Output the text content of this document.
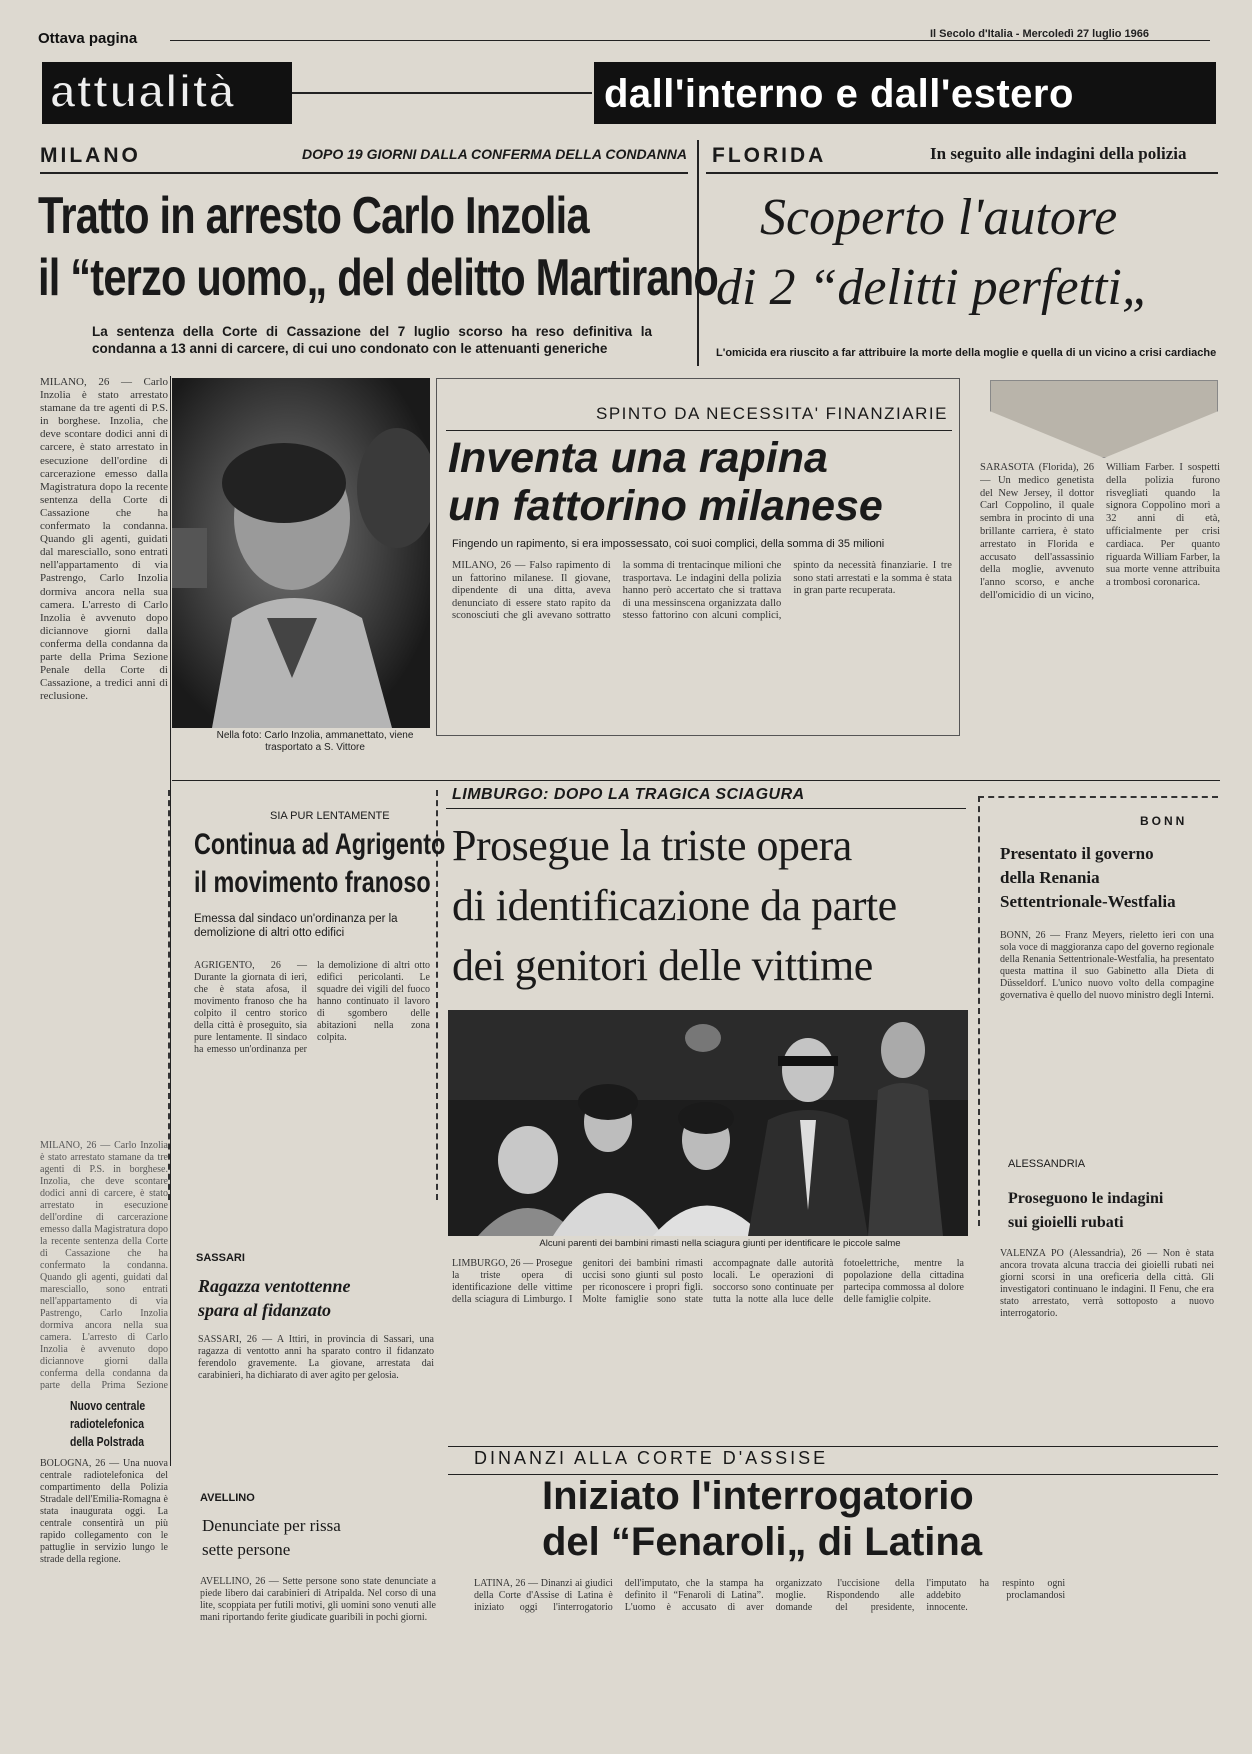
Ottava pagina	Il Secolo d'Italia - Mercoledì 27 luglio 1966
attualità	dall'interno e dall'estero
MILANO	DOPO 19 GIORNI DALLA CONFERMA DELLA CONDANNA
Tratto in arresto Carlo Inzolia
il “terzo uomo„ del delitto Martirano
La sentenza della Corte di Cassazione del 7 luglio scorso ha reso definitiva la condanna a 13 anni di carcere, di cui uno condonato con le attenuanti generiche
FLORIDA	In seguito alle indagini della polizia
Scoperto l'autore
di 2 “delitti perfetti„
L'omicida era riuscito a far attribuire la morte della moglie e quella di un vicino a crisi cardiache
MILANO, 26 — Carlo Inzolia è stato arrestato stamane da tre agenti di P.S. in borghese. Inzolia, che deve scontare dodici anni di carcere, è stato arrestato in esecuzione dell'ordine di carcerazione emesso dalla Magistratura dopo la recente sentenza della Corte di Cassazione che ha confermato la condanna. Quando gli agenti, guidati dal maresciallo, sono entrati nell'appartamento di via Pastrengo, Carlo Inzolia dormiva ancora nella sua camera. L'arresto di Carlo Inzolia è avvenuto dopo diciannove giorni dalla conferma della condanna da parte della Prima Sezione Penale della Corte di Cassazione, a tredici anni di reclusione.
Nella foto: Carlo Inzolia, ammanettato, viene trasportato a S. Vittore
SPINTO DA NECESSITA' FINANZIARIE
Inventa una rapina
un fattorino milanese
Fingendo un rapimento, si era impossessato, coi suoi complici, della somma di 35 milioni
MILANO, 26 — Falso rapimento di un fattorino milanese. Il giovane, dipendente di una ditta, aveva denunciato di essere stato rapito da sconosciuti che gli avevano sottratto la somma di trentacinque milioni che trasportava. Le indagini della polizia hanno però accertato che si trattava di una messinscena organizzata dallo stesso fattorino con alcuni complici, spinto da necessità finanziarie. I tre sono stati arrestati e la somma è stata in gran parte recuperata.
SARASOTA (Florida), 26 — Un medico genetista del New Jersey, il dottor Carl Coppolino, il quale sembra in procinto di una brillante carriera, è stato arrestato in Florida e accusato dell'assassinio della moglie, avvenuto l'anno scorso, e anche dell'omicidio di un vicino, William Farber. I sospetti della polizia furono risvegliati quando la signora Coppolino morì a 32 anni di età, ufficialmente per crisi cardiaca. Per quanto riguarda William Farber, la sua morte venne attribuita a trombosi coronarica.
SIA PUR LENTAMENTE
Continua ad Agrigento
il movimento franoso
Emessa dal sindaco un'ordinanza per la demolizione di altri otto edifici
AGRIGENTO, 26 — Durante la giornata di ieri, che è stata afosa, il movimento franoso che ha colpito il centro storico della città è proseguito, sia pure lentamente. Il sindaco ha emesso un'ordinanza per la demolizione di altri otto edifici pericolanti. Le squadre dei vigili del fuoco hanno continuato il lavoro di sgombero delle abitazioni nella zona colpita.
SASSARI
Ragazza ventottenne
spara al fidanzato
SASSARI, 26 — A Ittiri, in provincia di Sassari, una ragazza di ventotto anni ha sparato contro il fidanzato ferendolo gravemente. La giovane, arrestata dai carabinieri, ha dichiarato di aver agito per gelosia.
AVELLINO
Denunciate per rissa
sette persone
AVELLINO, 26 — Sette persone sono state denunciate a piede libero dai carabinieri di Atripalda. Nel corso di una lite, scoppiata per futili motivi, gli uomini sono venuti alle mani riportando ferite giudicate guaribili in pochi giorni.
Nuovo centrale
radiotelefonica
della Polstrada
BOLOGNA, 26 — Una nuova centrale radiotelefonica del compartimento della Polizia Stradale dell'Emilia-Romagna è stata inaugurata oggi. La centrale consentirà un più rapido collegamento con le pattuglie in servizio lungo le strade della regione.
MILANO, 26 — Carlo Inzolia è stato arrestato stamane da tre agenti di P.S. in borghese. Inzolia, che deve scontare dodici anni di carcere, è stato arrestato in esecuzione dell'ordine di carcerazione emesso dalla Magistratura dopo la recente sentenza della Corte di Cassazione che ha confermato la condanna. Quando gli agenti, guidati dal maresciallo, sono entrati nell'appartamento di via Pastrengo, Carlo Inzolia dormiva ancora nella sua camera. L'arresto di Carlo Inzolia è avvenuto dopo diciannove giorni dalla conferma della condanna da parte della Prima Sezione
LIMBURGO: DOPO LA TRAGICA SCIAGURA
Prosegue la triste opera
di identificazione da parte
dei genitori delle vittime
Alcuni parenti dei bambini rimasti nella sciagura giunti per identificare le piccole salme
LIMBURGO, 26 — Prosegue la triste opera di identificazione delle vittime della sciagura di Limburgo. I genitori dei bambini rimasti uccisi sono giunti sul posto per riconoscere i propri figli. Molte famiglie sono state accompagnate dalle autorità locali. Le operazioni di soccorso sono continuate per tutta la notte alla luce delle fotoelettriche, mentre la popolazione della cittadina partecipa commossa al dolore delle famiglie colpite.
BONN
Presentato il governo
della Renania
Settentrionale-Westfalia
BONN, 26 — Franz Meyers, rieletto ieri con una sola voce di maggioranza capo del governo regionale della Renania Settentrionale-Westfalia, ha presentato questa mattina il suo Gabinetto alla Dieta di Düsseldorf. L'unico nuovo volto della compagine governativa è quello del nuovo ministro degli Interni.
ALESSANDRIA
Proseguono le indagini
sui gioielli rubati
VALENZA PO (Alessandria), 26 — Non è stata ancora trovata alcuna traccia dei gioielli rubati nei giorni scorsi in una oreficeria della città. Gli investigatori continuano le indagini. Il Fenu, che era stato arrestato, verrà sottoposto a nuovo interrogatorio.
DINANZI ALLA CORTE D'ASSISE
Iniziato l'interrogatorio
del “Fenaroli„ di Latina
LATINA, 26 — Dinanzi ai giudici della Corte d'Assise di Latina è iniziato oggi l'interrogatorio dell'imputato, che la stampa ha definito il “Fenaroli di Latina”. L'uomo è accusato di aver organizzato l'uccisione della moglie. Rispondendo alle domande del presidente, l'imputato ha respinto ogni addebito proclamandosi innocente.
